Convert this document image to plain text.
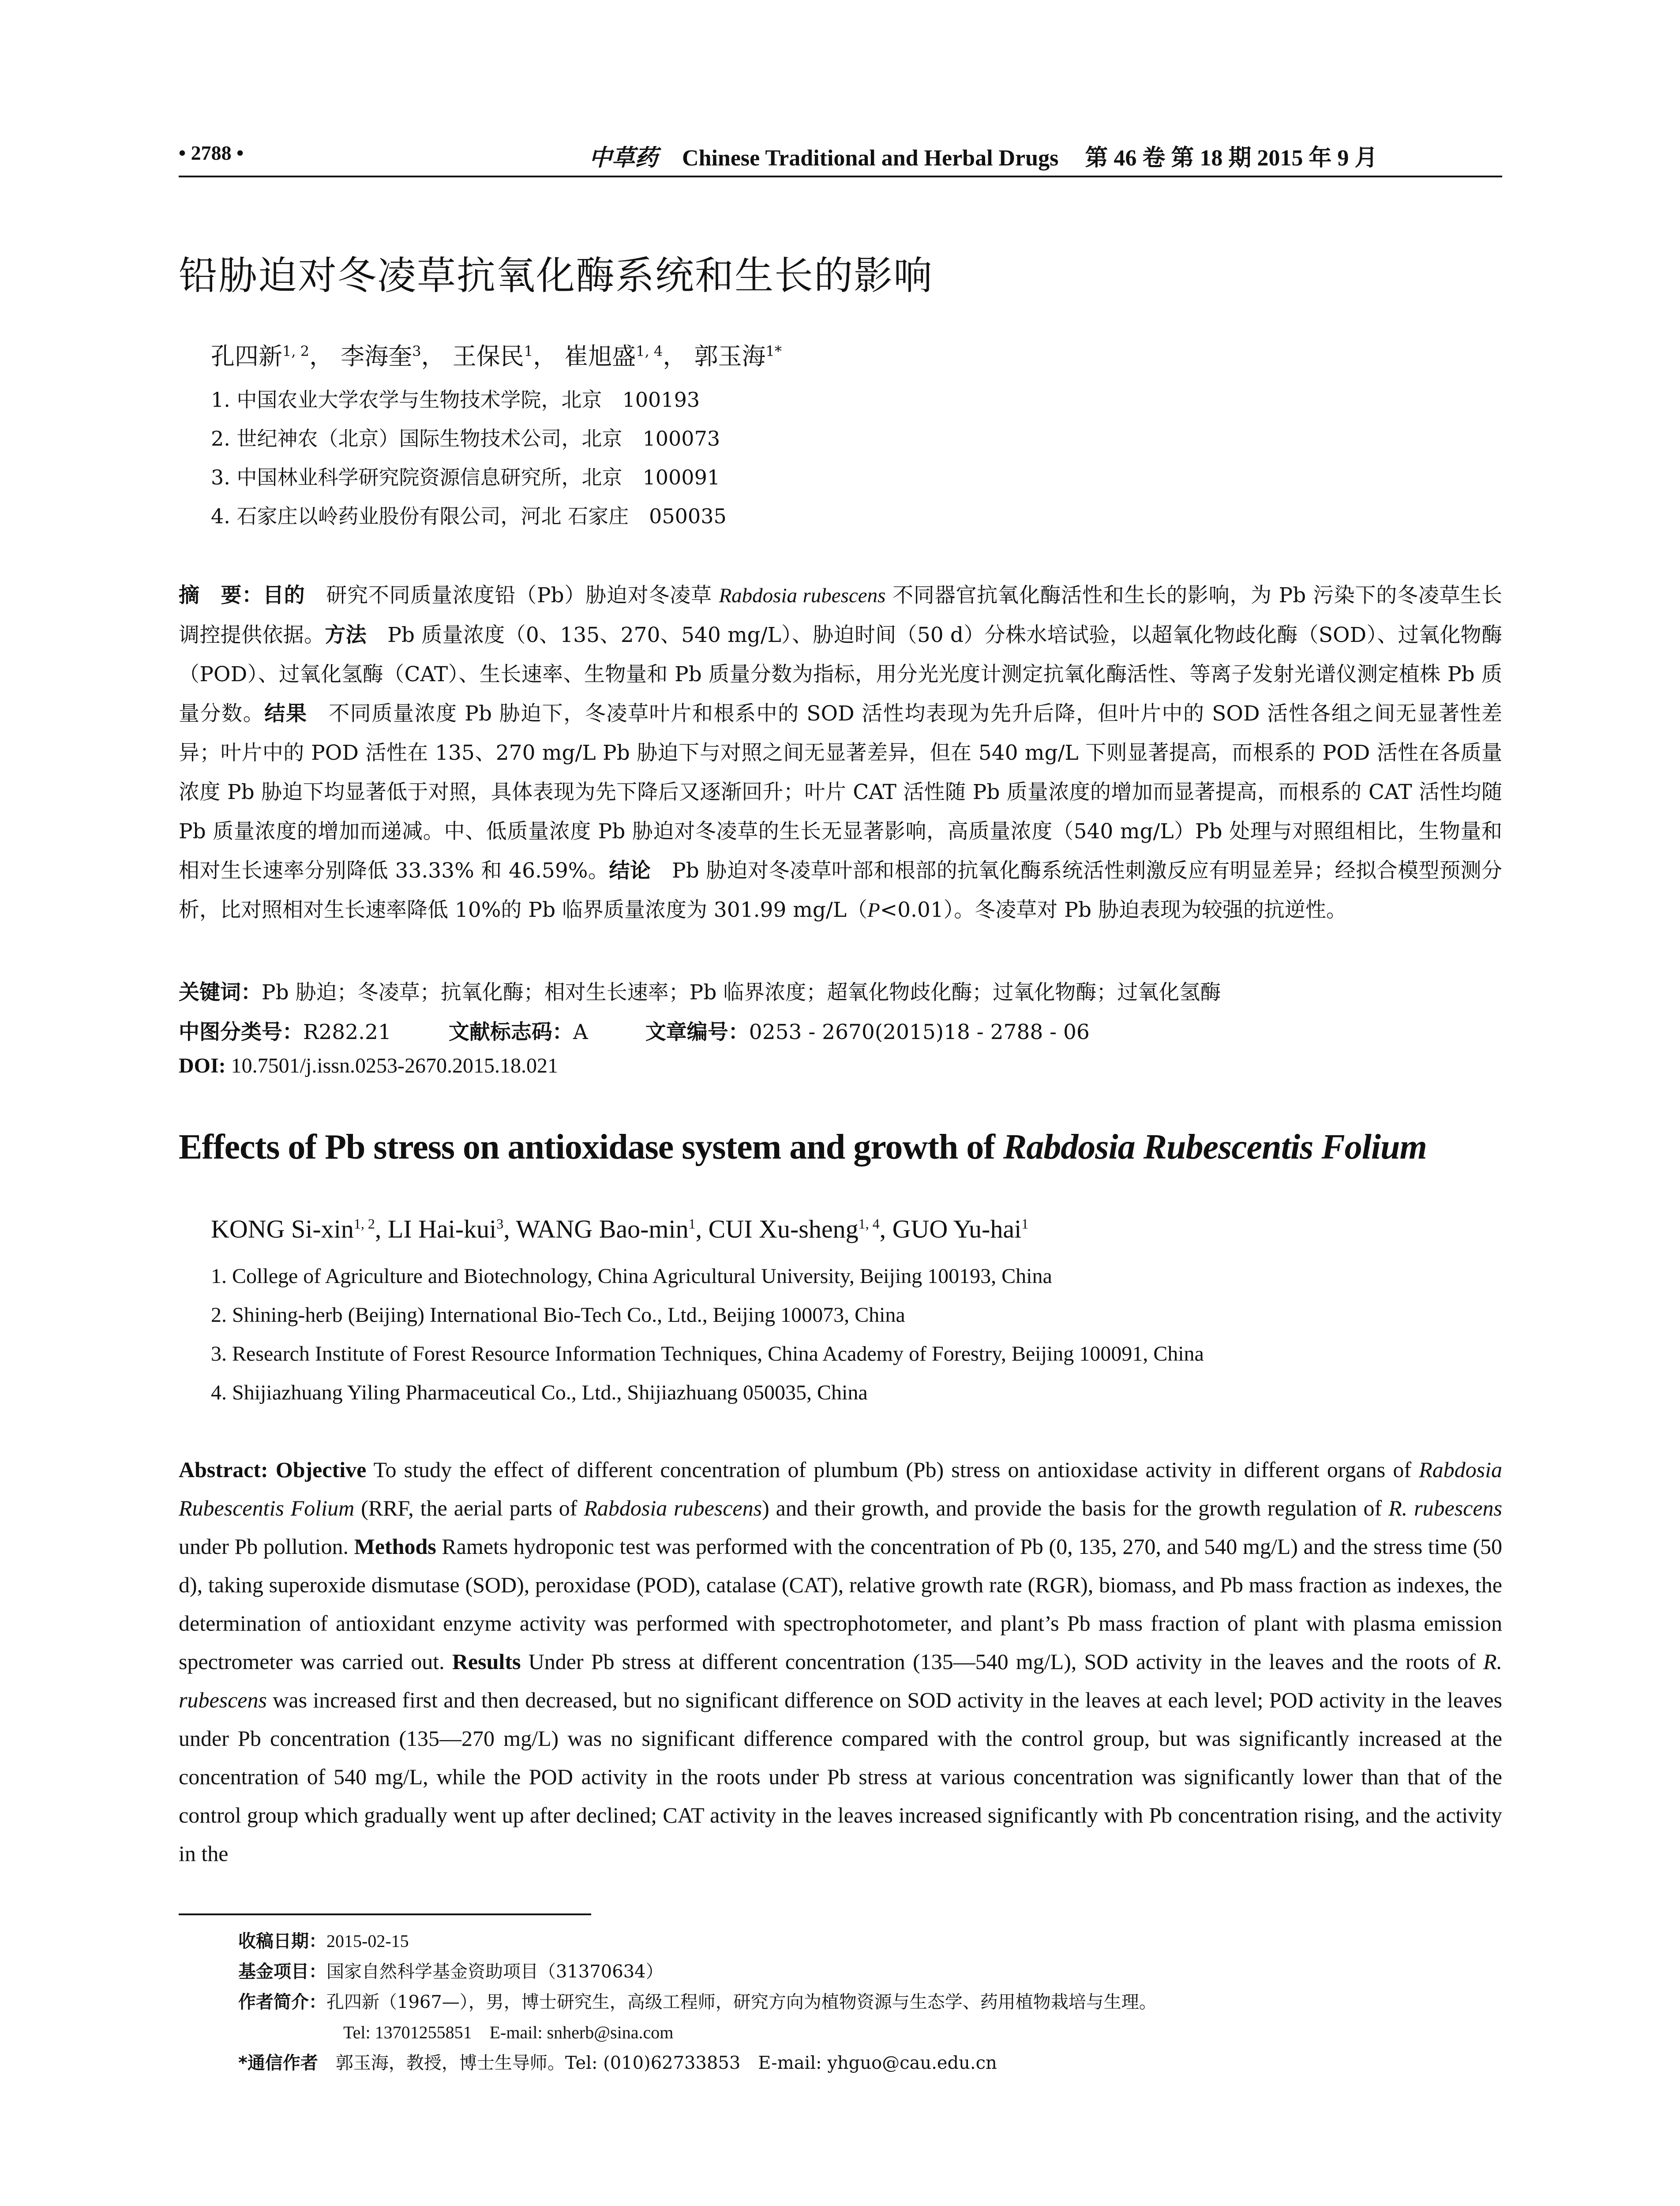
• 2788 •	中草药 Chinese Traditional and Herbal Drugs 第 46 卷 第 18 期 2015 年 9 月
铅胁迫对冬凌草抗氧化酶系统和生长的影响
孔四新$^{1, 2}$， 李海奎$^3$， 王保民$^1$， 崔旭盛$^{1, 4}$， 郭玉海$^{1*}$
1. 中国农业大学农学与生物技术学院，北京　100193
2. 世纪神农（北京）国际生物技术公司，北京　100073
3. 中国林业科学研究院资源信息研究所，北京　100091
4. 石家庄以岭药业股份有限公司，河北 石家庄　050035
摘　要：目的　研究不同质量浓度铅（Pb）胁迫对冬凌草 Rabdosia rubescens 不同器官抗氧化酶活性和生长的影响，为 Pb 污染下的冬凌草生长调控提供依据。方法　Pb 质量浓度（0、135、270、540 mg/L）、胁迫时间（50 d）分株水培试验，以超氧化物歧化酶（SOD）、过氧化物酶（POD）、过氧化氢酶（CAT）、生长速率、生物量和 Pb 质量分数为指标，用分光光度计测定抗氧化酶活性、等离子发射光谱仪测定植株 Pb 质量分数。结果　不同质量浓度 Pb 胁迫下，冬凌草叶片和根系中的 SOD 活性均表现为先升后降，但叶片中的 SOD 活性各组之间无显著性差异；叶片中的 POD 活性在 135、270 mg/L Pb 胁迫下与对照之间无显著差异，但在 540 mg/L 下则显著提高，而根系的 POD 活性在各质量浓度 Pb 胁迫下均显著低于对照，具体表现为先下降后又逐渐回升；叶片 CAT 活性随 Pb 质量浓度的增加而显著提高，而根系的 CAT 活性均随 Pb 质量浓度的增加而递减。中、低质量浓度 Pb 胁迫对冬凌草的生长无显著影响，高质量浓度（540 mg/L）Pb 处理与对照组相比，生物量和相对生长速率分别降低 33.33% 和 46.59%。结论　Pb 胁迫对冬凌草叶部和根部的抗氧化酶系统活性刺激反应有明显差异；经拟合模型预测分析，比对照相对生长速率降低 10%的 Pb 临界质量浓度为 301.99 mg/L（P<0.01）。冬凌草对 Pb 胁迫表现为较强的抗逆性。
关键词：Pb 胁迫；冬凌草；抗氧化酶；相对生长速率；Pb 临界浓度；超氧化物歧化酶；过氧化物酶；过氧化氢酶
中图分类号：R282.21	文献标志码：A	文章编号：0253 - 2670(2015)18 - 2788 - 06
DOI: 10.7501/j.issn.0253-2670.2015.18.021
Effects of Pb stress on antioxidase system and growth of Rabdosia Rubescentis Folium
KONG Si-xin$^{1, 2}$, LI Hai-kui$^3$, WANG Bao-$\min^1$, CUI Xu-sheng$^{1, 4}$, GUO Yu-hai$^1$
1. College of Agriculture and Biotechnology, China Agricultural University, Beijing 100193, China
2. Shining-herb (Beijing) International Bio-Tech Co., Ltd., Beijing 100073, China
3. Research Institute of Forest Resource Information Techniques, China Academy of Forestry, Beijing 100091, China
4. Shijiazhuang Yiling Pharmaceutical Co., Ltd., Shijiazhuang 050035, China
Abstract: Objective To study the effect of different concentration of plumbum (Pb) stress on antioxidase activity in different organs of Rabdosia Rubescentis Folium (RRF, the aerial parts of Rabdosia rubescens) and their growth, and provide the basis for the growth regulation of R. rubescens under Pb pollution. Methods Ramets hydroponic test was performed with the concentration of Pb (0, 135, 270, and 540 mg/L) and the stress time (50 d), taking superoxide dismutase (SOD), peroxidase (POD), catalase (CAT), relative growth rate (RGR), biomass, and Pb mass fraction as indexes, the determination of antioxidant enzyme activity was performed with spectrophotometer, and plant’s Pb mass fraction of plant with plasma emission spectrometer was carried out. Results Under Pb stress at different concentration (135—540 mg/L), SOD activity in the leaves and the roots of R. rubescens was increased first and then decreased, but no significant difference on SOD activity in the leaves at each level; POD activity in the leaves under Pb concentration (135—270 mg/L) was no significant difference compared with the control group, but was significantly increased at the concentration of 540 mg/L, while the POD activity in the roots under Pb stress at various concentration was significantly lower than that of the control group which gradually went up after declined; CAT activity in the leaves increased significantly with Pb concentration rising, and the activity in the
收稿日期：2015-02-15
基金项目：国家自然科学基金资助项目（31370634）
作者简介：孔四新（1967—），男，博士研究生，高级工程师，研究方向为植物资源与生态学、药用植物栽培与生理。
Tel: 13701255851　E-mail: snherb@sina.com
*通信作者　郭玉海，教授，博士生导师。Tel: (010)62733853　E-mail: yhguo@cau.edu.cn
